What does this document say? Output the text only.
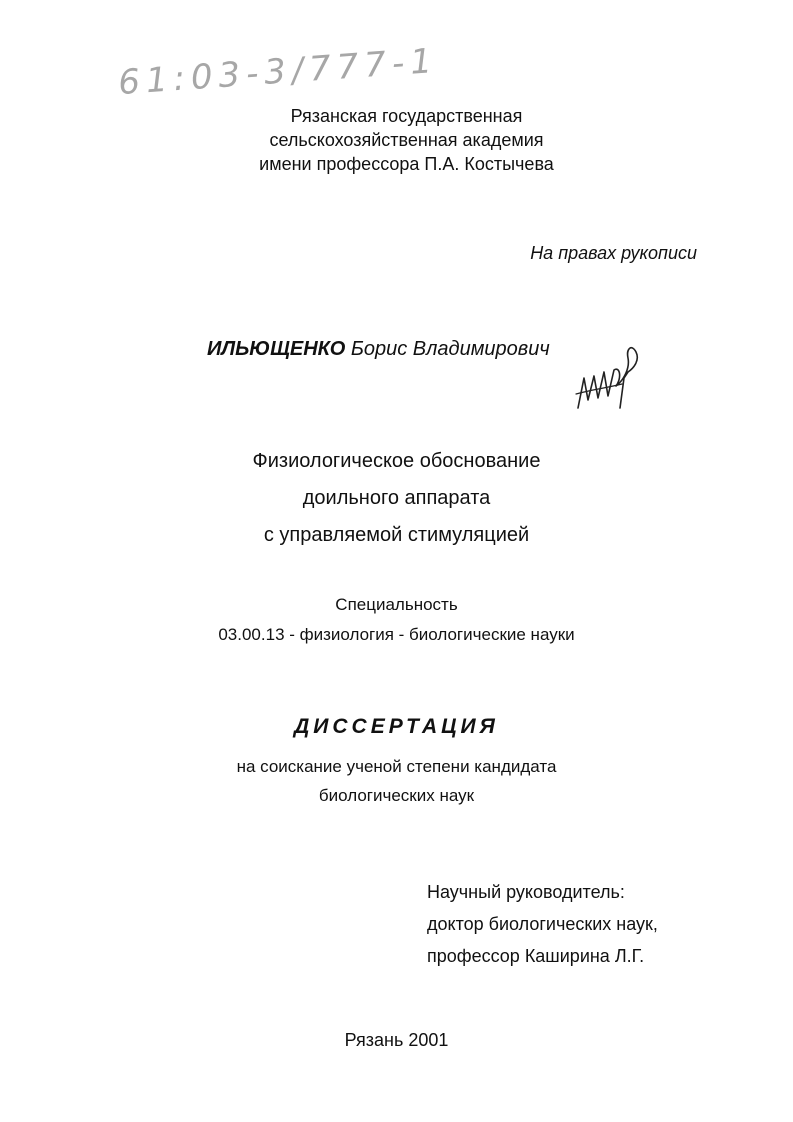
61:03-3/777-1
Рязанская государственная
сельскохозяйственная академия
имени профессора П.А. Костычева
На правах рукописи
ИЛЬЮЩЕНКО Борис Владимирович
Физиологическое обоснование
доильного аппарата
с управляемой стимуляцией
Специальность
03.00.13 - физиология - биологические науки
ДИССЕРТАЦИЯ
на соискание ученой степени кандидата
биологических наук
Научный руководитель:
доктор биологических наук,
профессор Каширина Л.Г.
Рязань 2001
